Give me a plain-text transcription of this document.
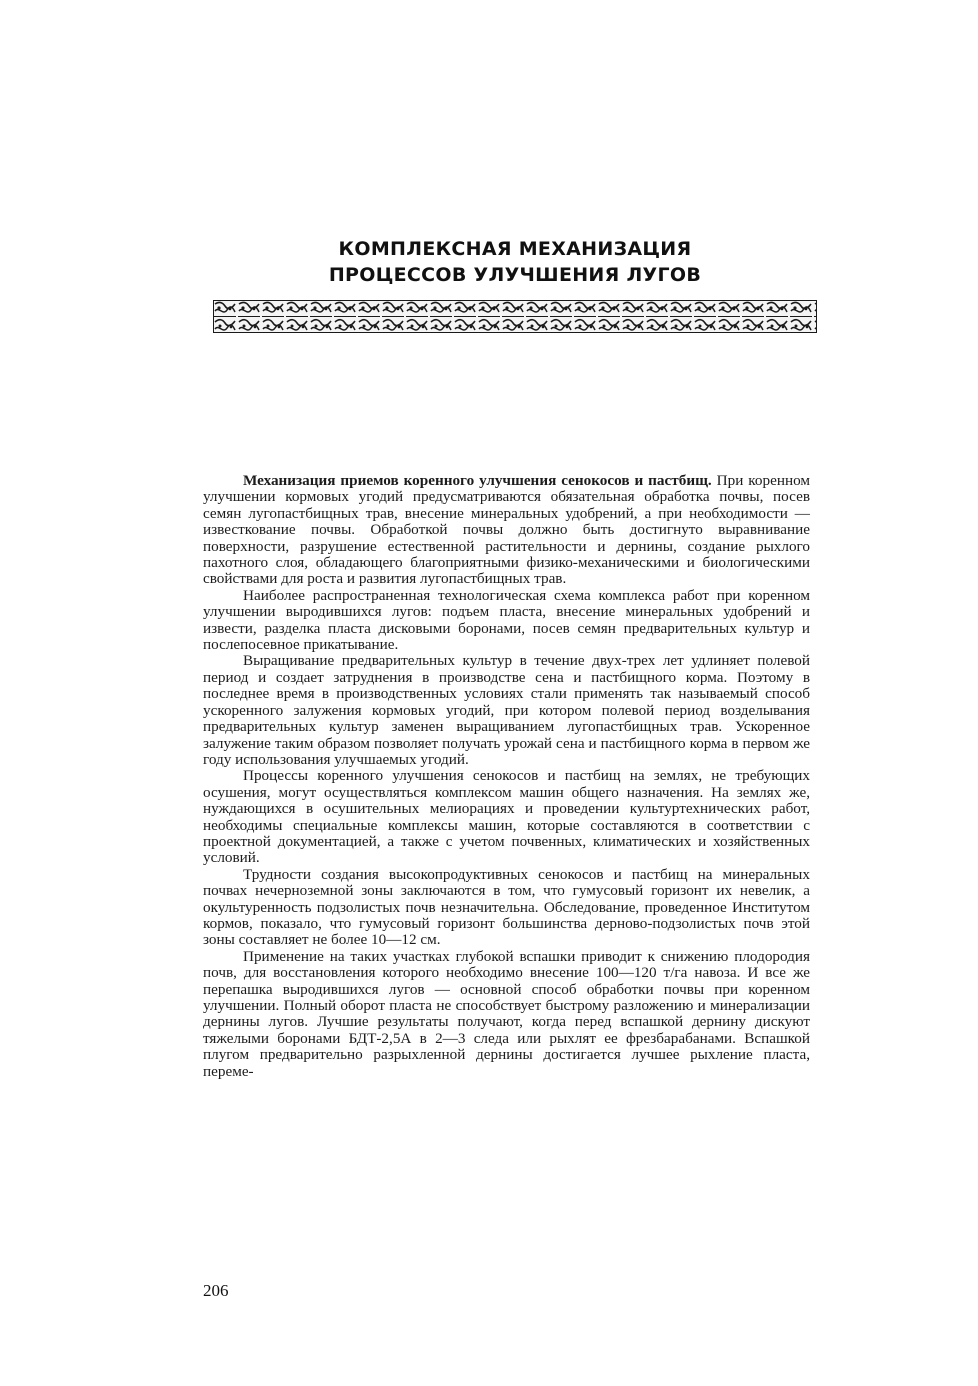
КОМПЛЕКСНАЯ МЕХАНИЗАЦИЯ
ПРОЦЕССОВ УЛУЧШЕНИЯ ЛУГОВ

Механизация приемов коренного улучшения сенокосов и пастбищ. При коренном улучшении кормовых угодий предусматриваются обязательная обработка почвы, посев семян лугопастбищных трав, внесение минеральных удобрений, а при необходимости — известкование почвы. Обработкой почвы должно быть достигнуто выравнивание поверхности, разрушение естественной растительности и дернины, создание рыхлого пахотного слоя, обладающего благоприятными физико-механическими и биологическими свойствами для роста и развития лугопастбищных трав.

Наиболее распространенная технологическая схема комплекса работ при коренном улучшении выродившихся лугов: подъем пласта, внесение минеральных удобрений и извести, разделка пласта дисковыми боронами, посев семян предварительных культур и послепосевное прикатывание.

Выращивание предварительных культур в течение двух-трех лет удлиняет полевой период и создает затруднения в производстве сена и пастбищного корма. Поэтому в последнее время в производственных условиях стали применять так называемый способ ускоренного залужения кормовых угодий, при котором полевой период возделывания предварительных культур заменен выращиванием лугопастбищных трав. Ускоренное залужение таким образом позволяет получать урожай сена и пастбищного корма в первом же году использования улучшаемых угодий.

Процессы коренного улучшения сенокосов и пастбищ на землях, не требующих осушения, могут осуществляться комплексом машин общего назначения. На землях же, нуждающихся в осушительных мелиорациях и проведении культуртехнических работ, необходимы специальные комплексы машин, которые составляются в соответствии с проектной документацией, а также с учетом почвенных, климатических и хозяйственных условий.

Трудности создания высокопродуктивных сенокосов и пастбищ на минеральных почвах нечерноземной зоны заключаются в том, что гумусовый горизонт их невелик, а окультуренность подзолистых почв незначительна. Обследование, проведенное Институтом кормов, показало, что гумусовый горизонт большинства дерново-подзолистых почв этой зоны составляет не более 10—12 см.

Применение на таких участках глубокой вспашки приводит к снижению плодородия почв, для восстановления которого необходимо внесение 100—120 т/га навоза. И все же перепашка выродившихся лугов — основной способ обработки почвы при коренном улучшении. Полный оборот пласта не способствует быстрому разложению и минерализации дернины лугов. Лучшие результаты получают, когда перед вспашкой дернину дискуют тяжелыми боронами БДТ-2,5А в 2—3 следа или рыхлят ее фрезбарабанами. Вспашкой плугом предварительно разрыхленной дернины достигается лучшее рыхление пласта, переме-

206
